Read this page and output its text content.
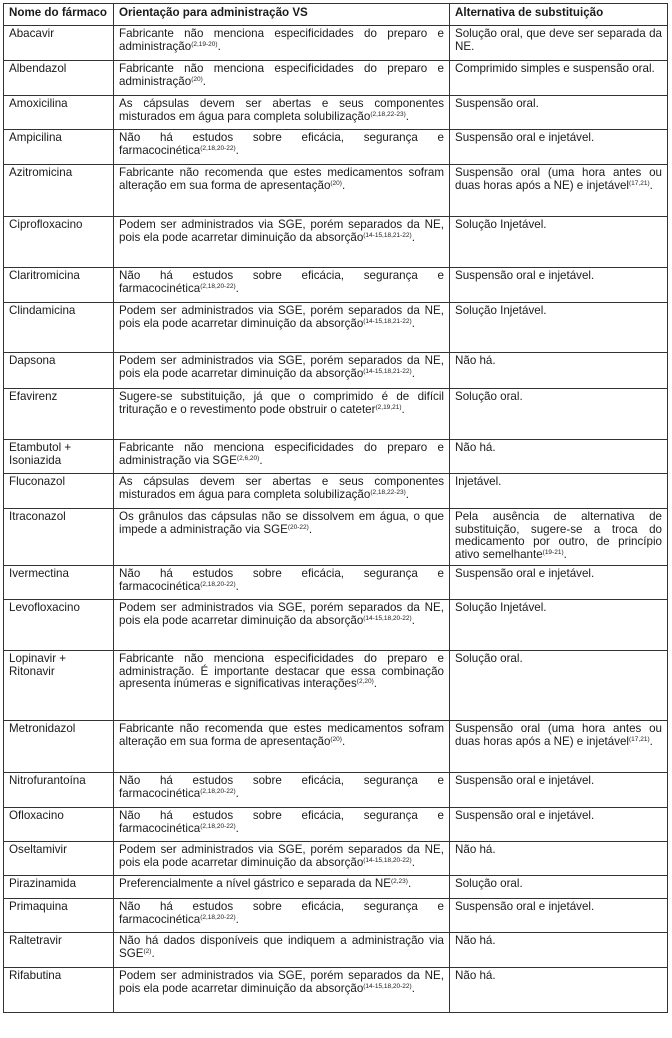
Nome do fármaco	Orientação para administração VS	Alternativa de substituição
Abacavir	Fabricante não menciona especificidades do preparo e administração$^{(2,19-20)}$.	Solução oral, que deve ser separada da NE.
Albendazol	Fabricante não menciona especificidades do preparo e administração$^{(20)}$.	Comprimido simples e suspensão oral.
Amoxicilina	As cápsulas devem ser abertas e seus componentes misturados em água para completa solubilização$^{(2,18,22-23)}$.	Suspensão oral.
Ampicilina	Não há estudos sobre eficácia, segurança e farmacocinética$^{(2,18,20-22)}$.	Suspensão oral e injetável.
Azitromicina	Fabricante não recomenda que estes medicamentos sofram alteração em sua forma de apresentação$^{(20)}$.	Suspensão oral (uma hora antes ou duas horas após a NE) e injetável$^{(17,21)}$.
Ciprofloxacino	Podem ser administrados via SGE, porém separados da NE, pois ela pode acarretar diminuição da absorção$^{(14-15,18,21-22)}$.	Solução Injetável.
Claritromicina	Não há estudos sobre eficácia, segurança e farmacocinética$^{(2,18,20-22)}$.	Suspensão oral e injetável.
Clindamicina	Podem ser administrados via SGE, porém separados da NE, pois ela pode acarretar diminuição da absorção$^{(14-15,18,21-22)}$.	Solução Injetável.
Dapsona	Podem ser administrados via SGE, porém separados da NE, pois ela pode acarretar diminuição da absorção$^{(14-15,18,21-22)}$.	Não há.
Efavirenz	Sugere-se substituição, já que o comprimido é de difícil trituração e o revestimento pode obstruir o cateter$^{(2,19,21)}$.	Solução oral.
Etambutol + Isoniazida	Fabricante não menciona especificidades do preparo e administração via SGE$^{(2,6,20)}$.	Não há.
Fluconazol	As cápsulas devem ser abertas e seus componentes misturados em água para completa solubilização$^{(2,18,22-23)}$.	Injetável.
Itraconazol	Os grânulos das cápsulas não se dissolvem em água, o que impede a administração via SGE$^{(20-22)}$.	Pela ausência de alternativa de substituição, sugere-se a troca do medicamento por outro, de princípio ativo semelhante$^{(19-21)}$.
Ivermectina	Não há estudos sobre eficácia, segurança e farmacocinética$^{(2,18,20-22)}$.	Suspensão oral e injetável.
Levofloxacino	Podem ser administrados via SGE, porém separados da NE, pois ela pode acarretar diminuição da absorção$^{(14-15,18,20-22)}$.	Solução Injetável.
Lopinavir + Ritonavir	Fabricante não menciona especificidades do preparo e administração. É importante destacar que essa combinação apresenta inúmeras e significativas interações$^{(2,20)}$.	Solução oral.
Metronidazol	Fabricante não recomenda que estes medicamentos sofram alteração em sua forma de apresentação$^{(20)}$.	Suspensão oral (uma hora antes ou duas horas após a NE) e injetável$^{(17,21)}$.
Nitrofurantoína	Não há estudos sobre eficácia, segurança e farmacocinética$^{(2,18,20-22)}$.	Suspensão oral e injetável.
Ofloxacino	Não há estudos sobre eficácia, segurança e farmacocinética$^{(2,18,20-22)}$.	Suspensão oral e injetável.
Oseltamivir	Podem ser administrados via SGE, porém separados da NE, pois ela pode acarretar diminuição da absorção$^{(14-15,18,20-22)}$.	Não há.
Pirazinamida	Preferencialmente a nível gástrico e separada da NE$^{(2,23)}$.	Solução oral.
Primaquina	Não há estudos sobre eficácia, segurança e farmacocinética$^{(2,18,20-22)}$.	Suspensão oral e injetável.
Raltetravir	Não há dados disponíveis que indiquem a administração via SGE$^{(2)}$.	Não há.
Rifabutina	Podem ser administrados via SGE, porém separados da NE, pois ela pode acarretar diminuição da absorção$^{(14-15,18,20-22)}$.	Não há.
